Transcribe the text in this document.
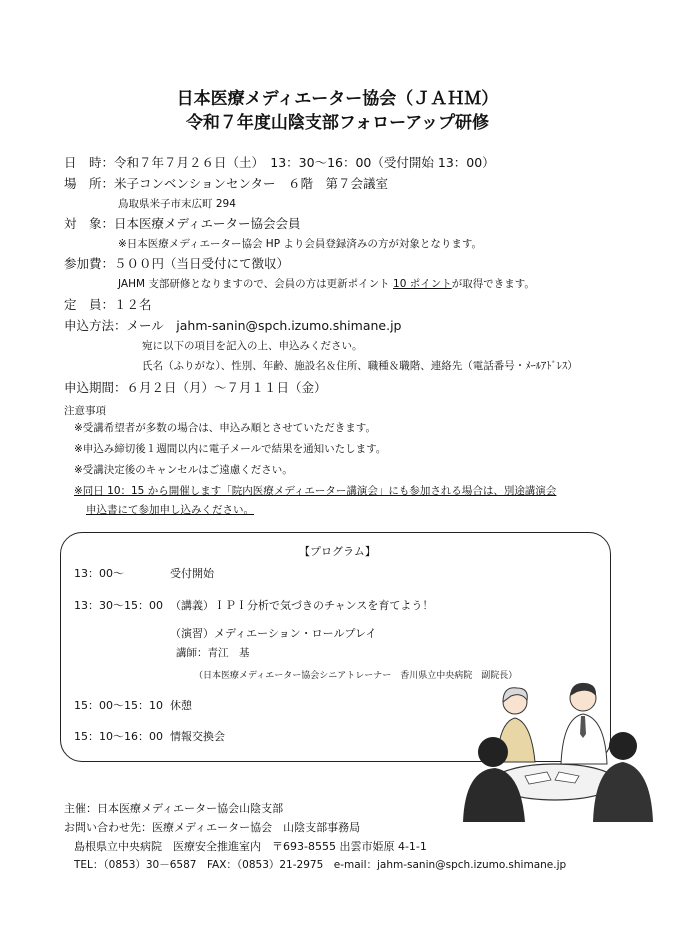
日本医療メディエーター協会（ＪＡＨＭ）
令和７年度山陰支部フォローアップ研修
日　時：令和７年７月２６日（土）　13：30～16：00（受付開始 13：00）
場　所：米子コンベンションセンター　６階　第７会議室
鳥取県米子市末広町 294
対　象：日本医療メディエーター協会会員
※日本医療メディエーター協会 HP より会員登録済みの方が対象となります。
参加費：５００円（当日受付にて徴収）
JAHM 支部研修となりますので、会員の方は更新ポイント 10 ポイントが取得できます。
定　員：１２名
申込方法：メール　jahm-sanin@spch.izumo.shimane.jp
宛に以下の項目を記入の上、申込みください。
氏名（ふりがな）、性別、年齢、施設名＆住所、職種＆職階、連絡先（電話番号・ﾒｰﾙｱﾄﾞﾚｽ）
申込期間：６月２日（月）～７月１１日（金）
注意事項
※受講希望者が多数の場合は、申込み順とさせていただきます。
※申込み締切後１週間以内に電子メールで結果を通知いたします。
※受講決定後のキャンセルはご遠慮ください。
※同日 10：15 から開催します「院内医療メディエーター講演会」にも参加される場合は、別途講演会
申込書にて参加申し込みください。
【プログラム】
13：00～	受付開始
13：30～15：00 （講義）ＩＰＩ分析で気づきのチャンスを育てよう！
（演習）メディエーション・ロールプレイ
講師：青江　基
（日本医療メディエーター協会シニアトレーナー　香川県立中央病院　副院長）
15：00～15：10 休憩
15：10～16：00 情報交換会
主催：日本医療メディエーター協会山陰支部
お問い合わせ先：医療メディエーター協会　山陰支部事務局
島根県立中央病院　医療安全推進室内　〒693-8555 出雲市姫原 4-1-1
TEL：（0853）30－6587　FAX：（0853）21-2975　e-mail：jahm-sanin@spch.izumo.shimane.jp
